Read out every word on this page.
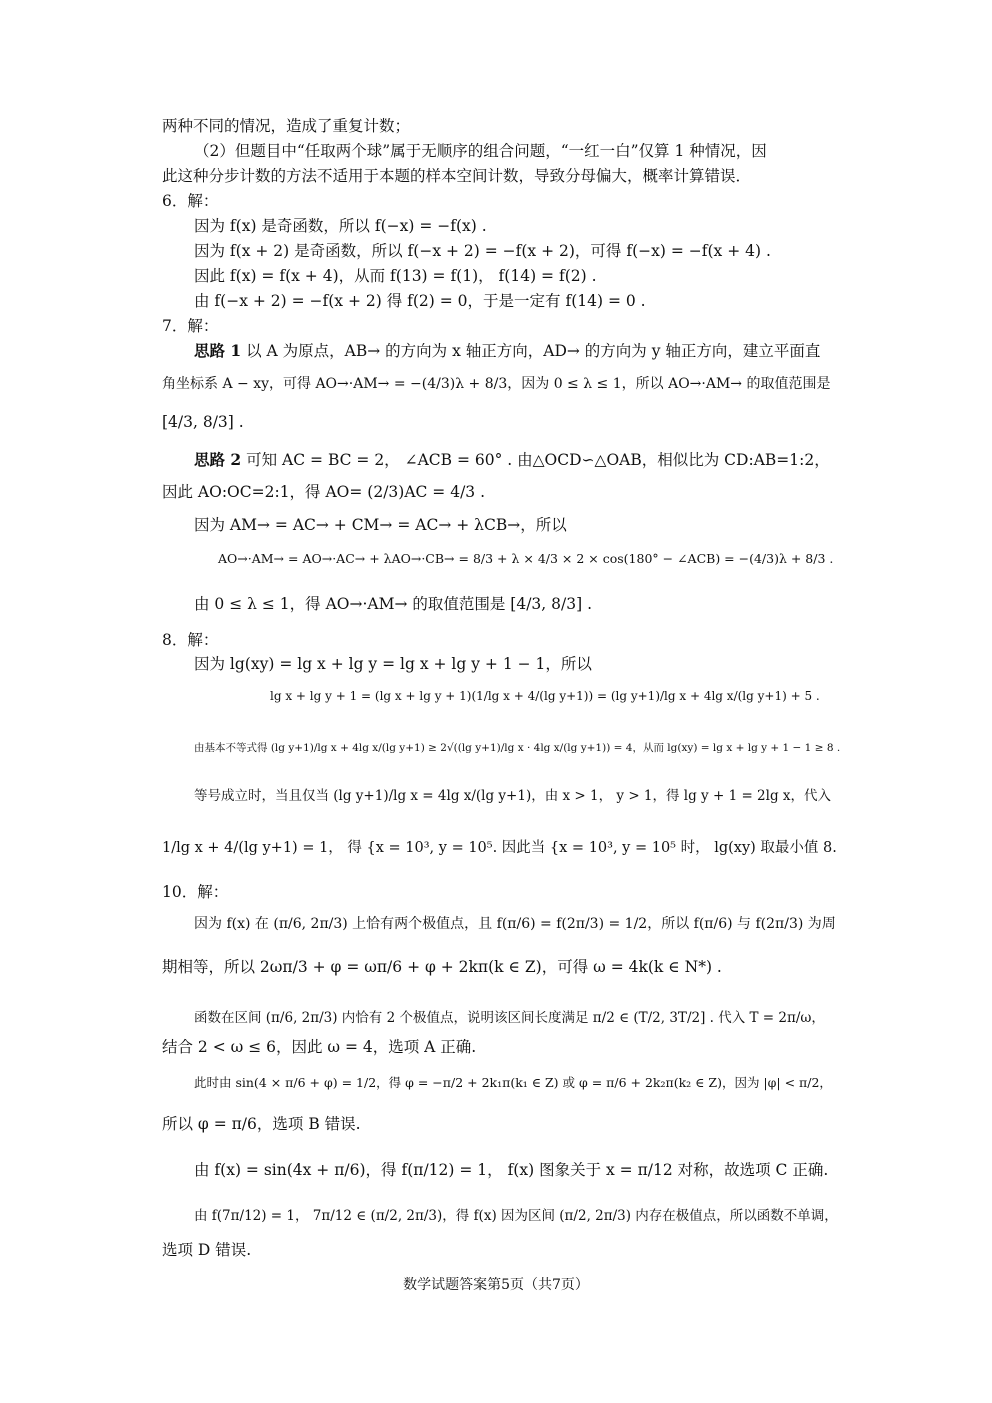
两种不同的情况，造成了重复计数；
（2）但题目中“任取两个球”属于无顺序的组合问题，“一红一白”仅算 1 种情况，因
此这种分步计数的方法不适用于本题的样本空间计数，导致分母偏大，概率计算错误．
6．解：
因为 f(x) 是奇函数，所以 f(−x) = −f(x) .
因为 f(x + 2) 是奇函数，所以 f(−x + 2) = −f(x + 2)，可得 f(−x) = −f(x + 4) .
因此 f(x) = f(x + 4)，从而 f(13) = f(1)， f(14) = f(2) .
由 f(−x + 2) = −f(x + 2) 得 f(2) = 0，于是一定有 f(14) = 0 .
7．解：
思路 1 以 A 为原点，AB→ 的方向为 x 轴正方向，AD→ 的方向为 y 轴正方向，建立平面直
角坐标系 A − xy，可得 AO→·AM→ = −(4/3)λ + 8/3，因为 0 ≤ λ ≤ 1，所以 AO→·AM→ 的取值范围是
[4/3, 8/3] .
思路 2 可知 AC = BC = 2， ∠ACB = 60° . 由△OCD∽△OAB，相似比为 CD:AB=1:2，
因此 AO:OC=2:1，得 AO= (2/3)AC = 4/3 .
因为 AM→ = AC→ + CM→ = AC→ + λCB→，所以
AO→·AM→ = AO→·AC→ + λAO→·CB→ = 8/3 + λ × 4/3 × 2 × cos(180° − ∠ACB) = −(4/3)λ + 8/3 .
由 0 ≤ λ ≤ 1，得 AO→·AM→ 的取值范围是 [4/3, 8/3] .
8．解：
因为 lg(xy) = lg x + lg y = lg x + lg y + 1 − 1，所以
lg x + lg y + 1 = (lg x + lg y + 1)(1/lg x + 4/(lg y+1)) = (lg y+1)/lg x + 4lg x/(lg y+1) + 5 .
由基本不等式得 (lg y+1)/lg x + 4lg x/(lg y+1) ≥ 2√((lg y+1)/lg x · 4lg x/(lg y+1)) = 4，从而 lg(xy) = lg x + lg y + 1 − 1 ≥ 8 .
等号成立时，当且仅当 (lg y+1)/lg x = 4lg x/(lg y+1)，由 x > 1， y > 1，得 lg y + 1 = 2lg x，代入
1/lg x + 4/(lg y+1) = 1， 得 {x = 10³, y = 10⁵. 因此当 {x = 10³, y = 10⁵ 时， lg(xy) 取最小值 8.
10．解：
因为 f(x) 在 (π/6, 2π/3) 上恰有两个极值点，且 f(π/6) = f(2π/3) = 1/2，所以 f(π/6) 与 f(2π/3) 为周
期相等，所以 2ωπ/3 + φ = ωπ/6 + φ + 2kπ(k ∈ Z)，可得 ω = 4k(k ∈ N*) .
函数在区间 (π/6, 2π/3) 内恰有 2 个极值点，说明该区间长度满足 π/2 ∈ (T/2, 3T/2] . 代入 T = 2π/ω，
结合 2 < ω ≤ 6，因此 ω = 4，选项 A 正确.
此时由 sin(4 × π/6 + φ) = 1/2，得 φ = −π/2 + 2k₁π(k₁ ∈ Z) 或 φ = π/6 + 2k₂π(k₂ ∈ Z)，因为 |φ| < π/2，
所以 φ = π/6，选项 B 错误.
由 f(x) = sin(4x + π/6)，得 f(π/12) = 1， f(x) 图象关于 x = π/12 对称，故选项 C 正确.
由 f(7π/12) = 1， 7π/12 ∈ (π/2, 2π/3)，得 f(x) 因为区间 (π/2, 2π/3) 内存在极值点，所以函数不单调，
选项 D 错误.
数学试题答案第5页（共7页）
